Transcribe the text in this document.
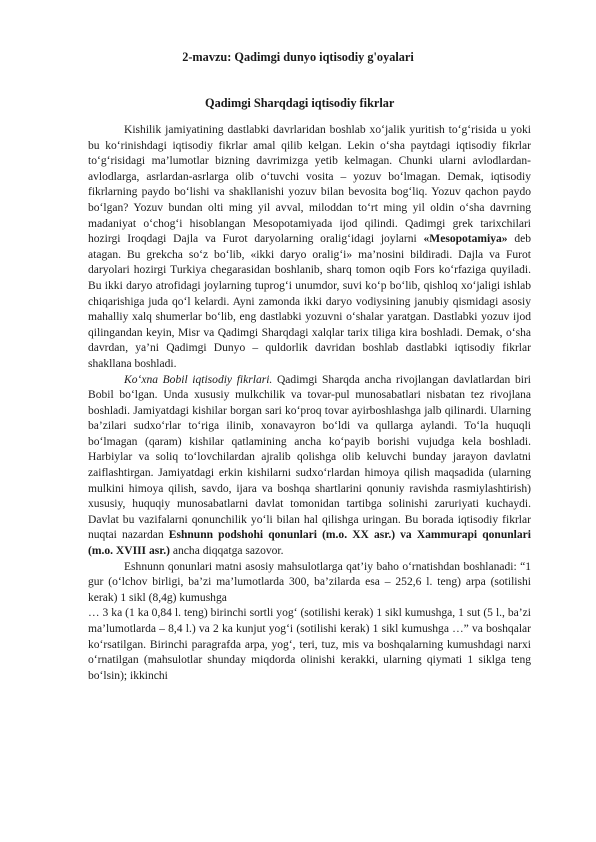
2-mavzu: Qadimgi dunyo iqtisodiy g'oyalari
Qadimgi Sharqdagi iqtisodiy fikrlar

Kishilik jamiyatining dastlabki davrlaridan boshlab xo‘jalik yuritish to‘g‘risida u yoki bu ko‘rinishdagi iqtisodiy fikrlar amal qilib kelgan. Lekin o‘sha paytdagi iqtisodiy fikrlar to‘g‘risidagi ma’lumotlar bizning davrimizga yetib kelmagan. Chunki ularni avlodlardan-avlodlarga, asrlardan-asrlarga olib o‘tuvchi vosita – yozuv bo‘lmagan. Demak, iqtisodiy fikrlarning paydo bo‘lishi va shakllanishi yozuv bilan bevosita bog‘liq. Yozuv qachon paydo bo‘lgan? Yozuv bundan olti ming yil avval, miloddan to‘rt ming yil oldin o‘sha davrning madaniyat o‘chog‘i hisoblangan Mesopotamiyada ijod qilindi. Qadimgi grek tarixchilari hozirgi Iroqdagi Dajla va Furot daryolarning oralig‘idagi joylarni «Mesopotamiya» deb atagan. Bu grekcha so‘z bo‘lib, «ikki daryo oralig‘i» ma’nosini bildiradi. Dajla va Furot daryolari hozirgi Turkiya chegarasidan boshlanib, sharq tomon oqib Fors ko‘rfaziga quyiladi. Bu ikki daryo atrofidagi joylarning tuprog‘i unumdor, suvi ko‘p bo‘lib, qishloq xo‘jaligi ishlab chiqarishiga juda qo‘l kelardi. Ayni zamonda ikki daryo vodiysining janubiy qismidagi asosiy mahalliy xalq shumerlar bo‘lib, eng dastlabki yozuvni o‘shalar yaratgan. Dastlabki yozuv ijod qilingandan keyin, Misr va Qadimgi Sharqdagi xalqlar tarix tiliga kira boshladi. Demak, o‘sha davrdan, ya’ni Qadimgi Dunyo – quldorlik davridan boshlab dastlabki iqtisodiy fikrlar shakllana boshladi.

Ko‘xna Bobil iqtisodiy fikrlari. Qadimgi Sharqda ancha rivojlangan davlatlardan biri Bobil bo‘lgan. Unda xususiy mulkchilik va tovar-pul munosabatlari nisbatan tez rivojlana boshladi. Jamiyatdagi kishilar borgan sari ko‘proq tovar ayirboshlashga jalb qilinardi. Ularning ba’zilari sudxo‘rlar to‘riga ilinib, xonavayron bo‘ldi va qullarga aylandi. To‘la huquqli bo‘lmagan (qaram) kishilar qatlamining ancha ko‘payib borishi vujudga kela boshladi. Harbiylar va soliq to‘lovchilardan ajralib qolishga olib keluvchi bunday jarayon davlatni zaiflashtirgan. Jamiyatdagi erkin kishilarni sudxo‘rlardan himoya qilish maqsadida (ularning mulkini himoya qilish, savdo, ijara va boshqa shartlarini qonuniy ravishda rasmiylashtirish) xususiy, huquqiy munosabatlarni davlat tomonidan tartibga solinishi zaruriyati kuchaydi. Davlat bu vazifalarni qonunchilik yo‘li bilan hal qilishga uringan. Bu borada iqtisodiy fikrlar nuqtai nazardan Eshnunn podshohi qonunlari (m.o. XX asr.) va Xammurapi qonunlari (m.o. XVIII asr.) ancha diqqatga sazovor.

Eshnunn qonunlari matni asosiy mahsulotlarga qat’iy baho o‘rnatishdan boshlanadi: “1 gur (o‘lchov birligi, ba’zi ma’lumotlarda 300, ba’zilarda esa – 252,6 l. teng) arpa (sotilishi kerak) 1 sikl (8,4g) kumushga

… 3 ka (1 ka 0,84 l. teng) birinchi sortli yog‘ (sotilishi kerak) 1 sikl kumushga, 1 sut (5 l., ba’zi ma’lumotlarda – 8,4 l.) va 2 ka kunjut yog‘i (sotilishi kerak) 1 sikl kumushga …” va boshqalar ko‘rsatilgan. Birinchi paragrafda arpa, yog‘, teri, tuz, mis va boshqalarning kumushdagi narxi o‘rnatilgan (mahsulotlar shunday miqdorda olinishi kerakki, ularning qiymati 1 siklga teng bo‘lsin); ikkinchi
